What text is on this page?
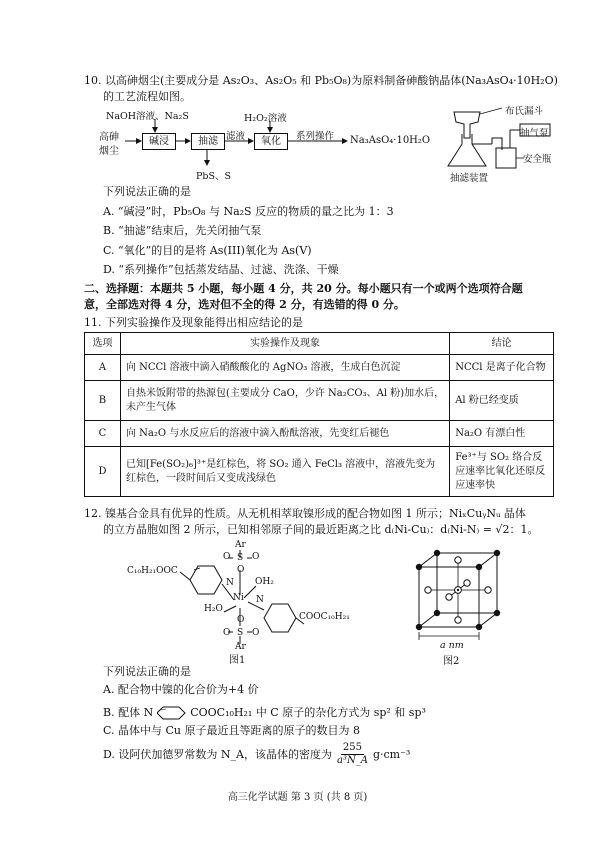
10. 以高砷烟尘(主要成分是 As₂O₃、As₂O₅ 和 Pb₅O₈)为原料制备砷酸钠晶体(Na₃AsO₄·10H₂O)
的工艺流程如图。
NaOH溶液、Na₂S	H₂O₂溶液
高砷
烟尘
碱浸	抽滤 滤液	氧化	系列操作 Na₃AsO₄·10H₂O
PbS、S
布氏漏斗
抽气泵
安全瓶
抽滤装置
下列说法正确的是
A. “碱浸”时，Pb₅O₈ 与 Na₂S 反应的物质的量之比为 1：3
B. “抽滤”结束后，先关闭抽气泵
C. “氧化”的目的是将 As(III)氧化为 As(Ⅴ)
D. “系列操作”包括蒸发结晶、过滤、洗涤、干燥
二、选择题：本题共 5 小题，每小题 4 分，共 20 分。每小题只有一个或两个选项符合题
意，全部选对得 4 分，选对但不全的得 2 分，有选错的得 0 分。
11. 下列实验操作及现象能得出相应结论的是
选项	实验操作及现象	结论
A	向 NCCl 溶液中滴入硝酸酸化的 AgNO₃ 溶液，生成白色沉淀	NCCl 是离子化合物
B	自热米饭附带的热源包(主要成分 CaO，少许 Na₂CO₃、Al 粉)加水后，未产生气体	Al 粉已经变质
C	向 Na₂O 与水反应后的溶液中滴入酚酞溶液，先变红后褪色	Na₂O 有漂白性
D	已知[Fe(SO₂)₆]³⁺是红棕色，将 SO₂ 通入 FeCl₃ 溶液中，溶液先变为红棕色，一段时间后又变成浅绿色	Fe³⁺与 SO₂ 络合反应速率比氧化还原反应速率快
12. 镍基合金具有优异的性质。从无机相萃取镍形成的配合物如图 1 所示；NiₓCuᵧNᵤ 晶体
的立方晶胞如图 2 所示，已知相邻原子间的最近距离之比 d₍Ni-Cu₎：d₍Ni-N₎ = √2：1。
Ar
O S O
O
C₁₀H₂₁OOC
N OH₂
Ni N
H₂O
COOC₁₀H₂₁
O
O S O
Ar
图1
a nm
图2
下列说法正确的是
A. 配合物中镍的化合价为+4 价
B. 配体 N	COOC₁₀H₂₁ 中 C 原子的杂化方式为 sp² 和 sp³
C. 晶体中与 Cu 原子最近且等距离的原子的数目为 8
D. 设阿伏加德罗常数为 N_A，该晶体的密度为 $\frac{255}{\text{a³N\_A}} g\cdot cm^{-3}$
高三化学试题 第 3 页 (共 8 页)
